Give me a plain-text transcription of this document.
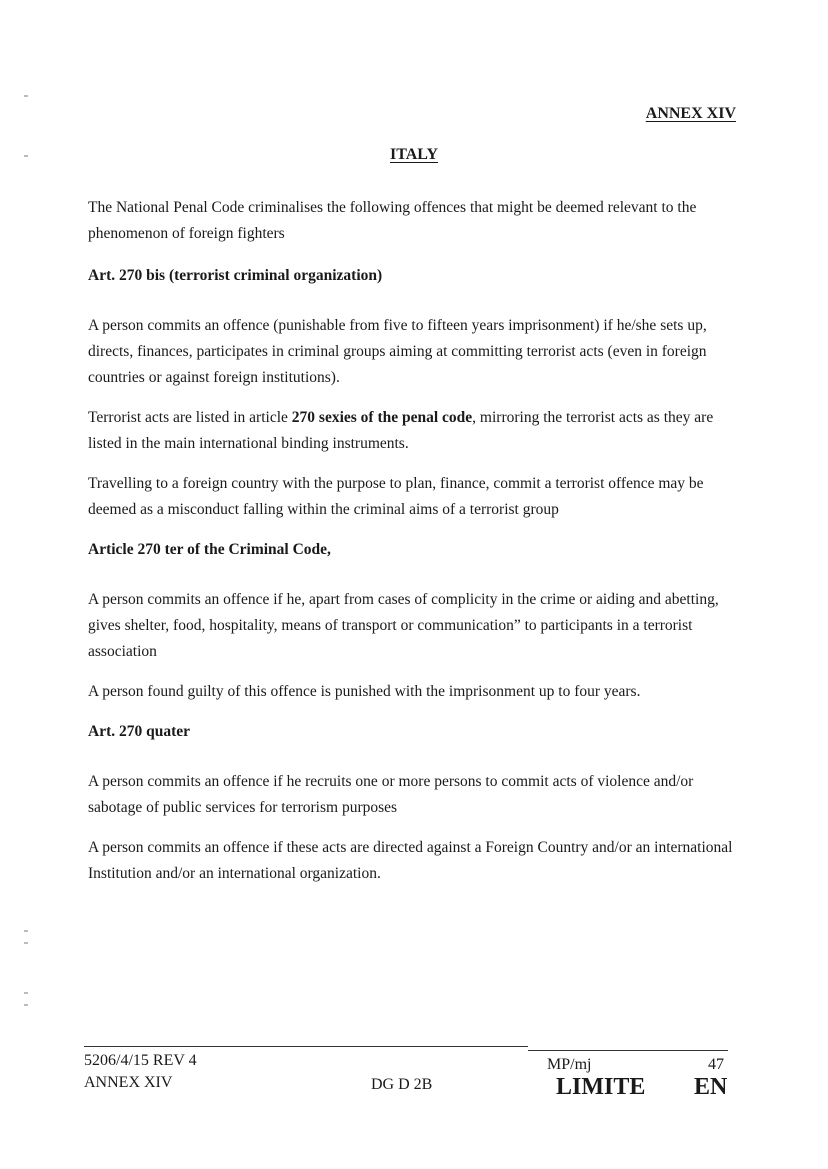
ANNEX XIV
ITALY

The National Penal Code criminalises the following offences that might be deemed relevant to the phenomenon of foreign fighters

Art. 270 bis (terrorist criminal organization)

A person commits an offence (punishable from five to fifteen years imprisonment) if he/she sets up, directs, finances, participates in criminal groups aiming at committing terrorist acts (even in foreign countries or against foreign institutions).

Terrorist acts are listed in article 270 sexies of the penal code, mirroring the terrorist acts as they are listed in the main international binding instruments.

Travelling to a foreign country with the purpose to plan, finance, commit a terrorist offence may be deemed as a misconduct falling within the criminal aims of a terrorist group

Article 270 ter of the Criminal Code,

A person commits an offence if he, apart from cases of complicity in the crime or aiding and abetting, gives shelter, food, hospitality, means of transport or communication” to participants in a terrorist association

A person found guilty of this offence is punished with the imprisonment up to four years.

Art. 270 quater

A person commits an offence if he recruits one or more persons to commit acts of violence and/or sabotage of public services for terrorism purposes

A person commits an offence if these acts are directed against a Foreign Country and/or an international Institution and/or an international organization.

5206/4/15 REV 4
ANNEX XIV	DG D 2B
MP/mj	47
LIMITE EN
